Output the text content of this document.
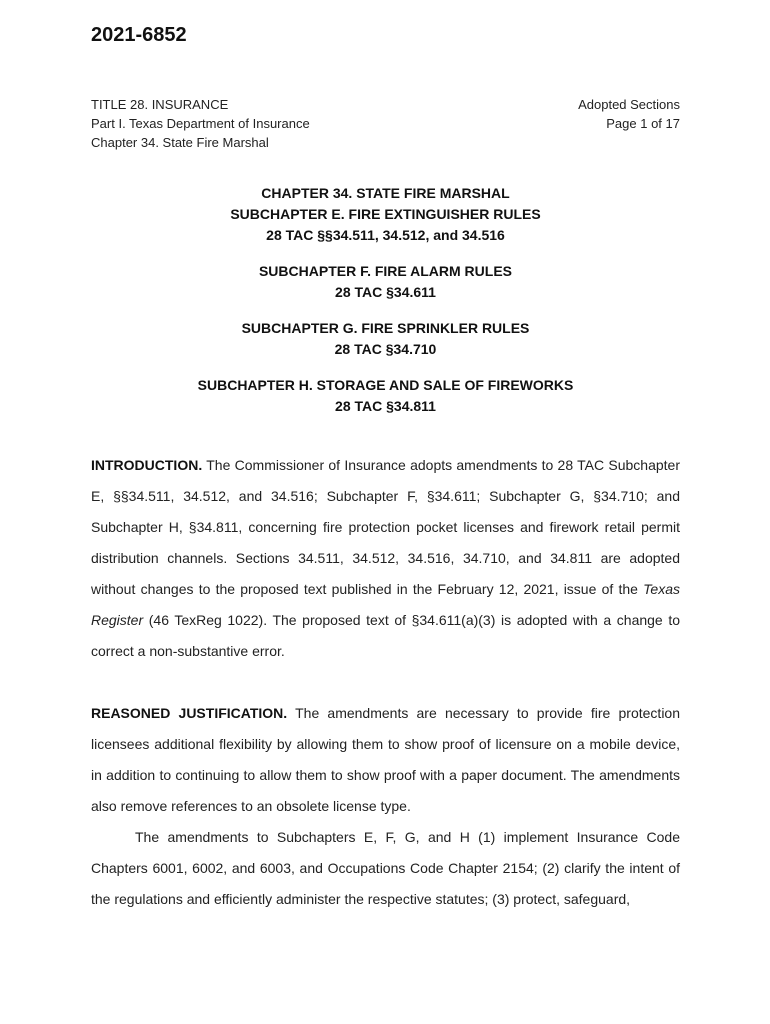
2021-6852
TITLE 28. INSURANCE
Part I. Texas Department of Insurance
Chapter 34. State Fire Marshal
Adopted Sections
Page 1 of 17
CHAPTER 34. STATE FIRE MARSHAL
SUBCHAPTER E. FIRE EXTINGUISHER RULES
28 TAC §§34.511, 34.512, and 34.516
SUBCHAPTER F. FIRE ALARM RULES
28 TAC §34.611
SUBCHAPTER G. FIRE SPRINKLER RULES
28 TAC §34.710
SUBCHAPTER H. STORAGE AND SALE OF FIREWORKS
28 TAC §34.811

INTRODUCTION. The Commissioner of Insurance adopts amendments to 28 TAC Subchapter E, §§34.511, 34.512, and 34.516; Subchapter F, §34.611; Subchapter G, §34.710; and Subchapter H, §34.811, concerning fire protection pocket licenses and firework retail permit distribution channels. Sections 34.511, 34.512, 34.516, 34.710, and 34.811 are adopted without changes to the proposed text published in the February 12, 2021, issue of the Texas Register (46 TexReg 1022). The proposed text of §34.611(a)(3) is adopted with a change to correct a non-substantive error.

REASONED JUSTIFICATION. The amendments are necessary to provide fire protection licensees additional flexibility by allowing them to show proof of licensure on a mobile device, in addition to continuing to allow them to show proof with a paper document. The amendments also remove references to an obsolete license type.

The amendments to Subchapters E, F, G, and H (1) implement Insurance Code Chapters 6001, 6002, and 6003, and Occupations Code Chapter 2154; (2) clarify the intent of the regulations and efficiently administer the respective statutes; (3) protect, safeguard,
